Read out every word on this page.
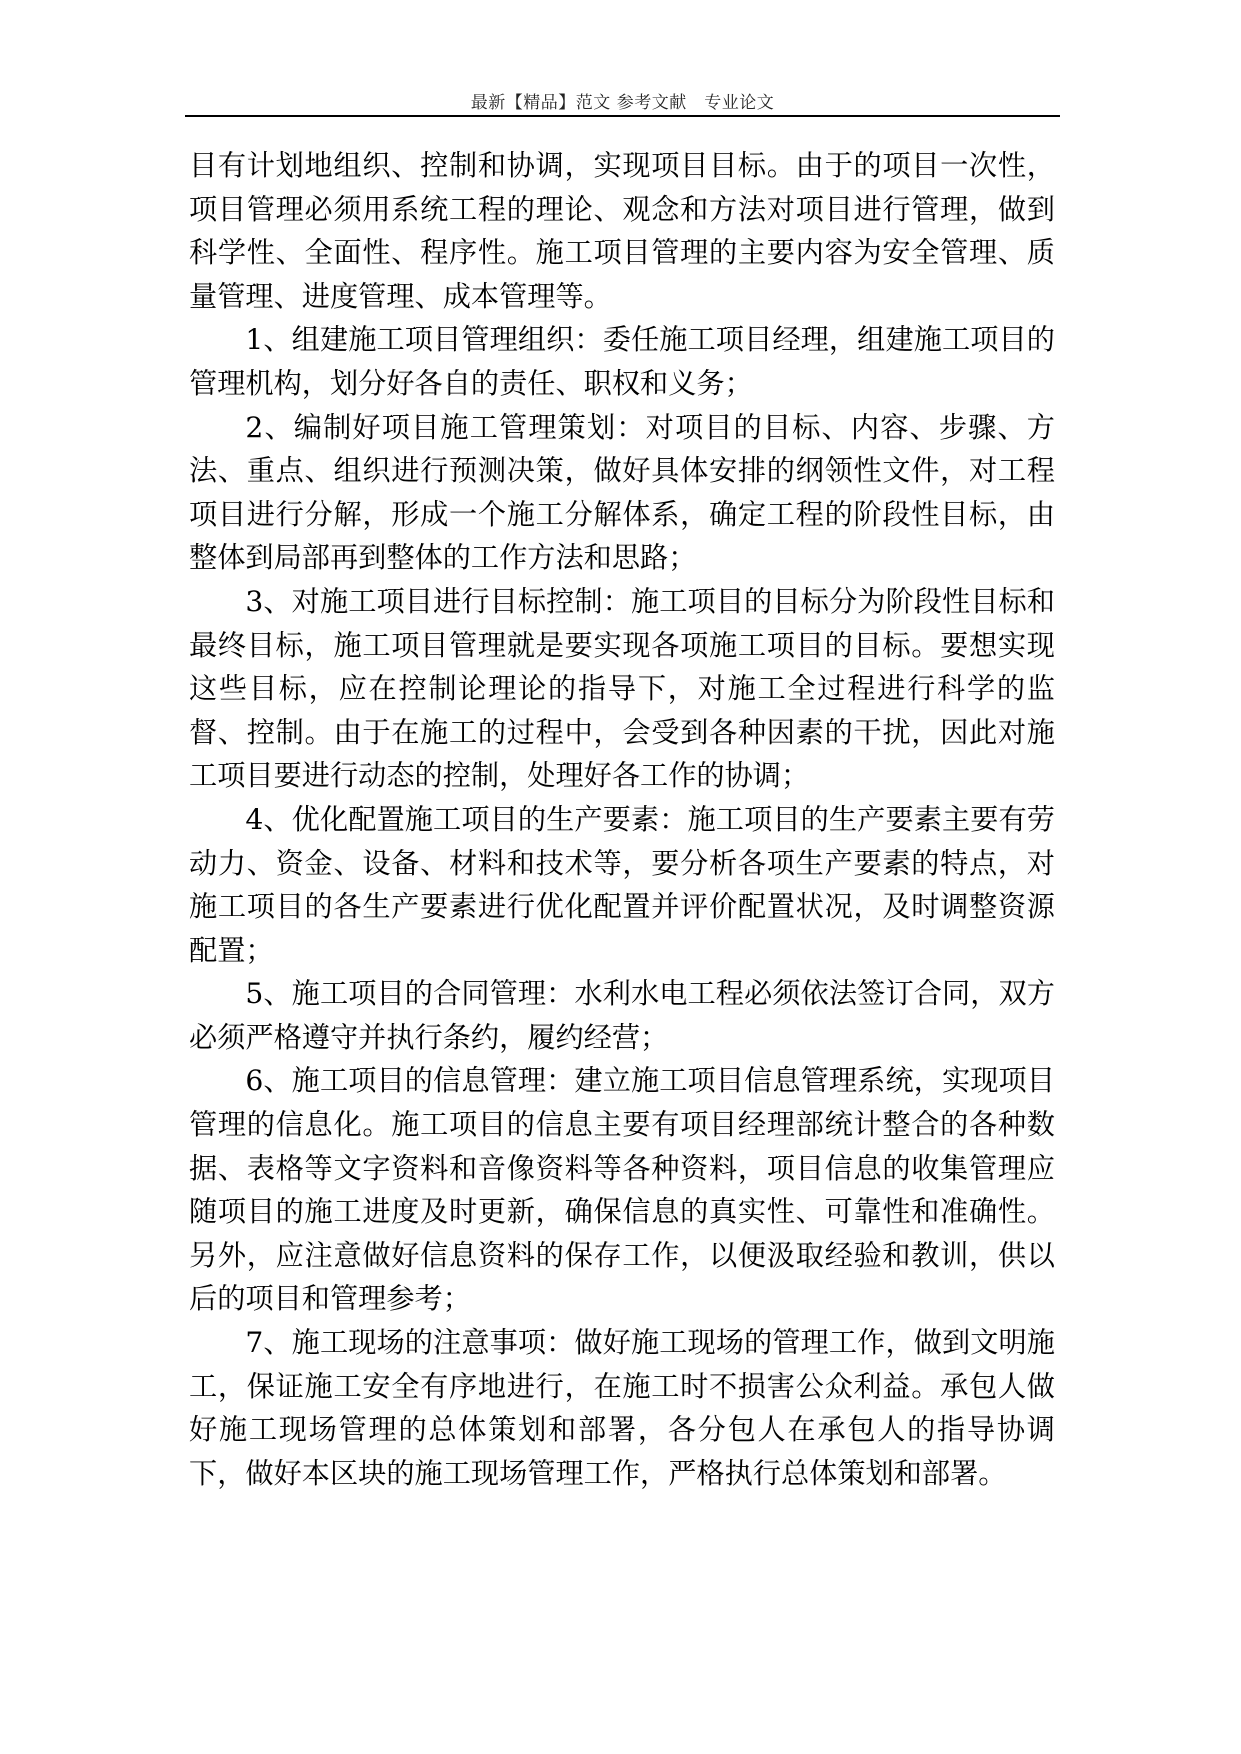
最新【精品】范文 参考文献　专业论文

目有计划地组织、控制和协调，实现项目目标。由于的项目一次性，项目管理必须用系统工程的理论、观念和方法对项目进行管理，做到科学性、全面性、程序性。施工项目管理的主要内容为安全管理、质量管理、进度管理、成本管理等。

1、组建施工项目管理组织：委任施工项目经理，组建施工项目的管理机构，划分好各自的责任、职权和义务；

2、编制好项目施工管理策划：对项目的目标、内容、步骤、方法、重点、组织进行预测决策，做好具体安排的纲领性文件，对工程项目进行分解，形成一个施工分解体系，确定工程的阶段性目标，由整体到局部再到整体的工作方法和思路；

3、对施工项目进行目标控制：施工项目的目标分为阶段性目标和最终目标，施工项目管理就是要实现各项施工项目的目标。要想实现这些目标，应在控制论理论的指导下，对施工全过程进行科学的监督、控制。由于在施工的过程中，会受到各种因素的干扰，因此对施工项目要进行动态的控制，处理好各工作的协调；

4、优化配置施工项目的生产要素：施工项目的生产要素主要有劳动力、资金、设备、材料和技术等，要分析各项生产要素的特点，对施工项目的各生产要素进行优化配置并评价配置状况，及时调整资源配置；

5、施工项目的合同管理：水利水电工程必须依法签订合同，双方必须严格遵守并执行条约，履约经营；

6、施工项目的信息管理：建立施工项目信息管理系统，实现项目管理的信息化。施工项目的信息主要有项目经理部统计整合的各种数据、表格等文字资料和音像资料等各种资料，项目信息的收集管理应随项目的施工进度及时更新，确保信息的真实性、可靠性和准确性。另外，应注意做好信息资料的保存工作，以便汲取经验和教训，供以后的项目和管理参考；

7、施工现场的注意事项：做好施工现场的管理工作，做到文明施工，保证施工安全有序地进行，在施工时不损害公众利益。承包人做好施工现场管理的总体策划和部署，各分包人在承包人的指导协调下，做好本区块的施工现场管理工作，严格执行总体策划和部署。
